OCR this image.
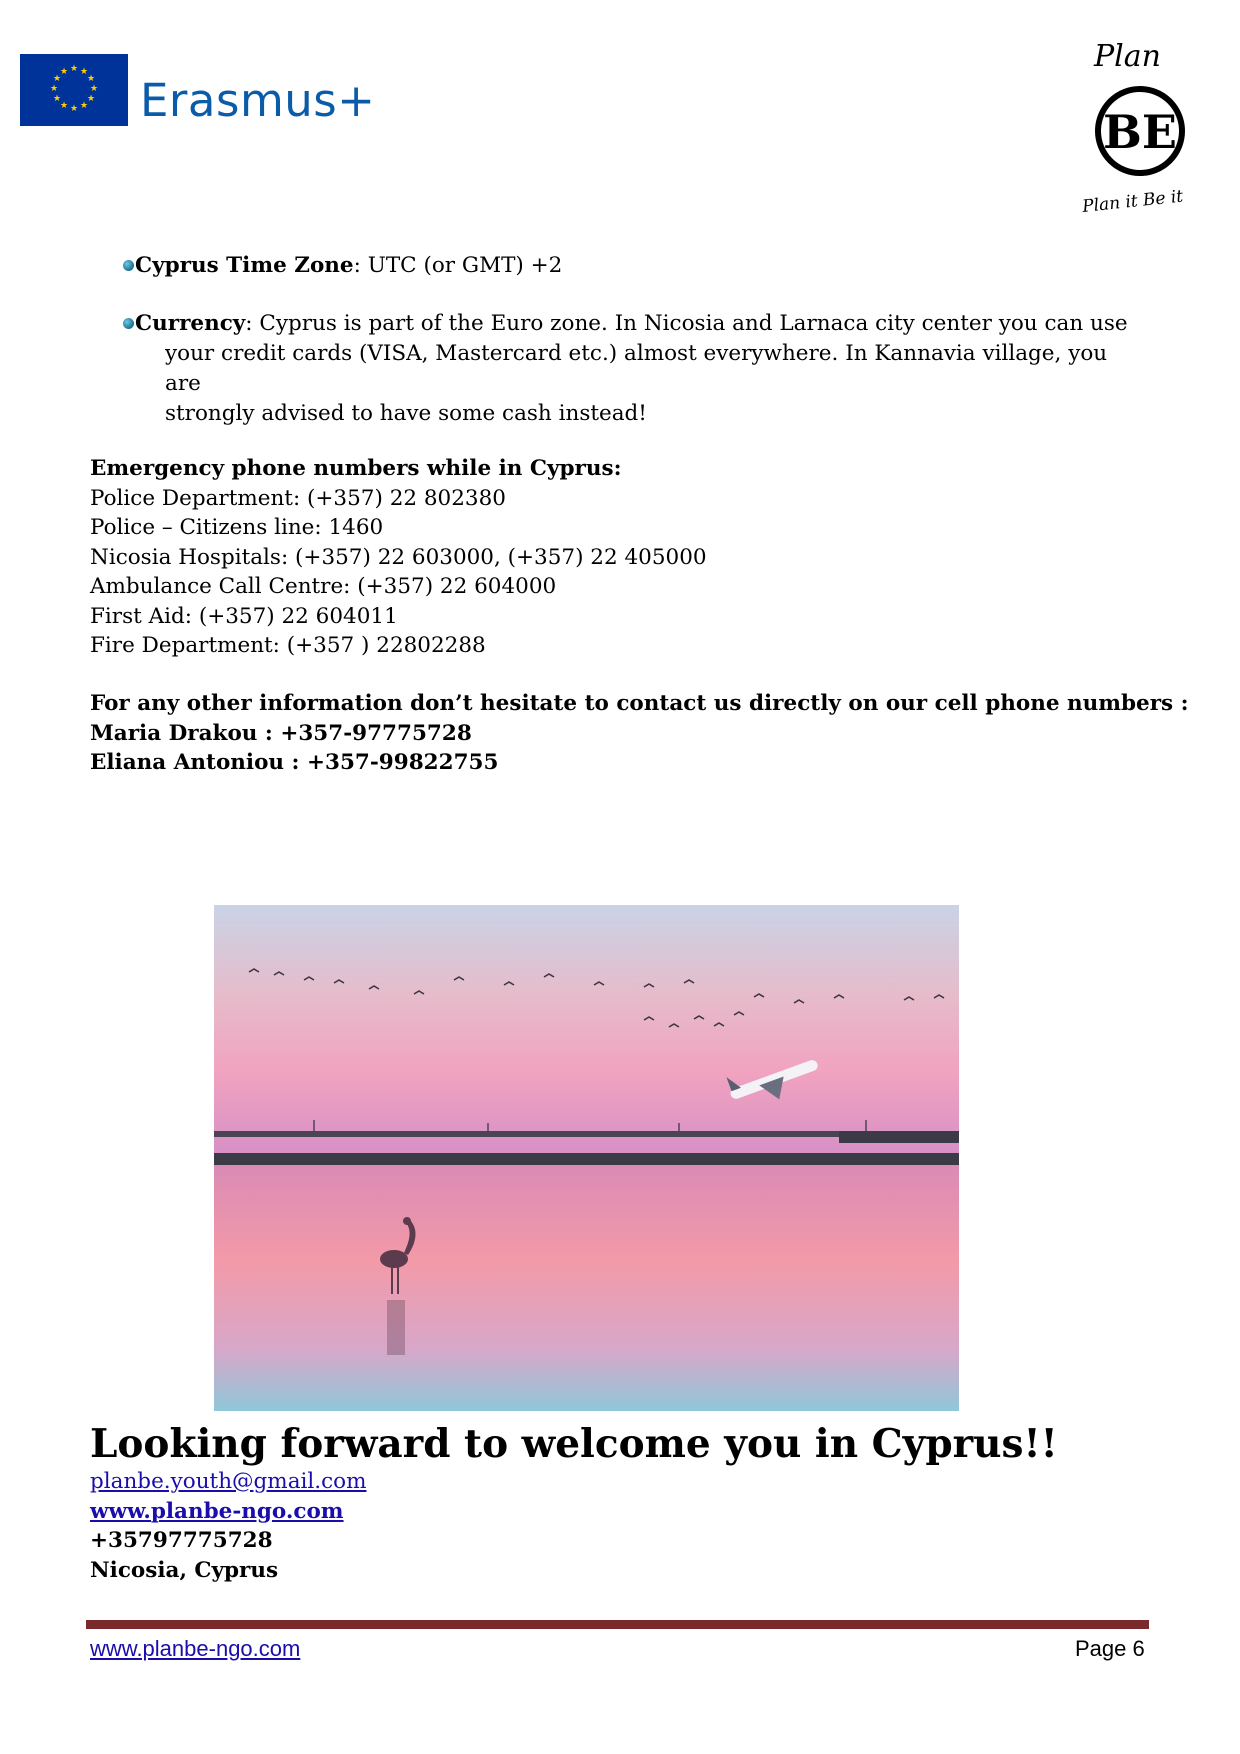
★ ★
★
★
★
★
★
★
★
★
★
★
Erasmus+
Plan
BE
Plan it Be it
Cyprus Time Zone: UTC (or GMT) +2
Currency: Cyprus is part of the Euro zone. In Nicosia and Larnaca city center you can use
your credit cards (VISA, Mastercard etc.) almost everywhere. In Kannavia village, you are
strongly advised to have some cash instead!
Emergency phone numbers while in Cyprus:
Police Department: (+357) 22 802380
Police – Citizens line: 1460
Nicosia Hospitals: (+357) 22 603000, (+357) 22 405000
Ambulance Call Centre: (+357) 22 604000
First Aid: (+357) 22 604011
Fire Department: (+357 ) 22802288
For any other information don’t hesitate to contact us directly on our cell phone numbers :
Maria Drakou : +357-97775728
Eliana Antoniou : +357-99822755
Looking forward to welcome you in Cyprus!!
planbe.youth@gmail.com
www.planbe-ngo.com
+35797775728
Nicosia, Cyprus
www.planbe-ngo.com	Page 6
